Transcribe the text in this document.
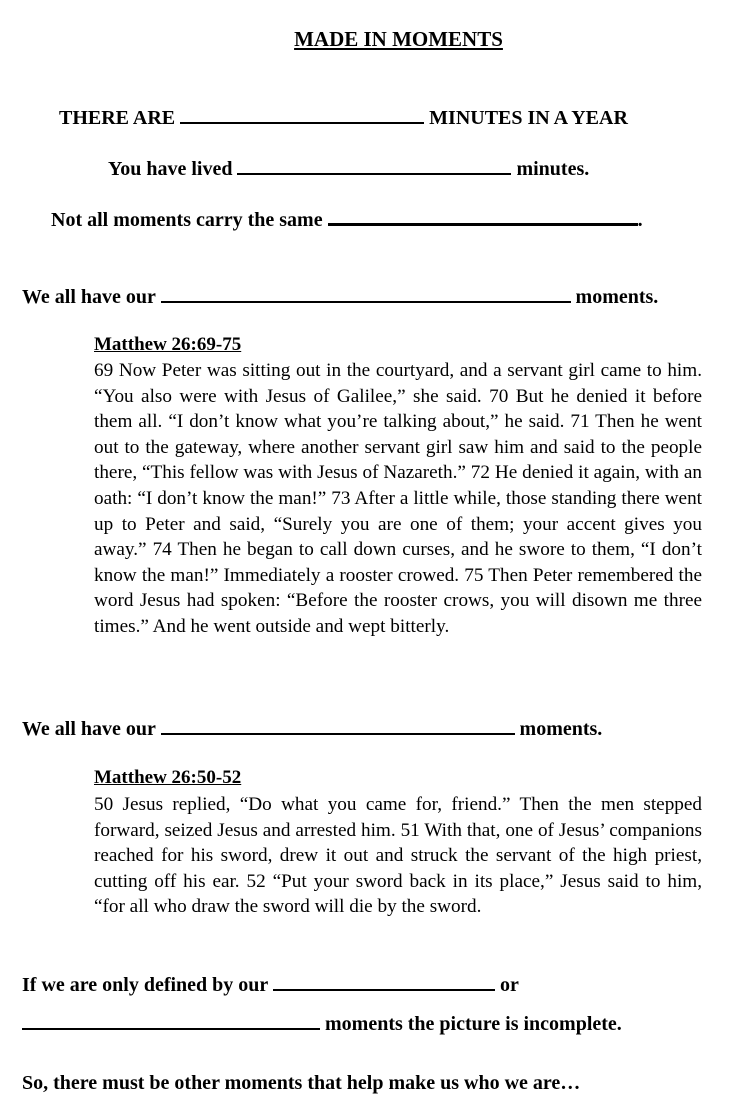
MADE IN MOMENTS
THERE ARE	MINUTES IN A YEAR
You have lived	minutes.
Not all moments carry the same	.
We all have our	moments.
Matthew 26:69-75
69 Now Peter was sitting out in the courtyard, and a servant girl came to him. “You also were with Jesus of Galilee,” she said. 70 But he denied it before them all. “I don’t know what you’re talking about,” he said. 71 Then he went out to the gateway, where another servant girl saw him and said to the people there, “This fellow was with Jesus of Nazareth.” 72 He denied it again, with an oath: “I don’t know the man!” 73 After a little while, those standing there went up to Peter and said, “Surely you are one of them; your accent gives you away.” 74 Then he began to call down curses, and he swore to them, “I don’t know the man!” Immediately a rooster crowed. 75 Then Peter remembered the word Jesus had spoken: “Before the rooster crows, you will disown me three times.” And he went outside and wept bitterly.
We all have our	moments.
Matthew 26:50-52
50 Jesus replied, “Do what you came for, friend.” Then the men stepped forward, seized Jesus and arrested him. 51 With that, one of Jesus’ companions reached for his sword, drew it out and struck the servant of the high priest, cutting off his ear. 52 “Put your sword back in its place,” Jesus said to him, “for all who draw the sword will die by the sword.
If we are only defined by our	or
moments the picture is incomplete.
So, there must be other moments that help make us who we are…
